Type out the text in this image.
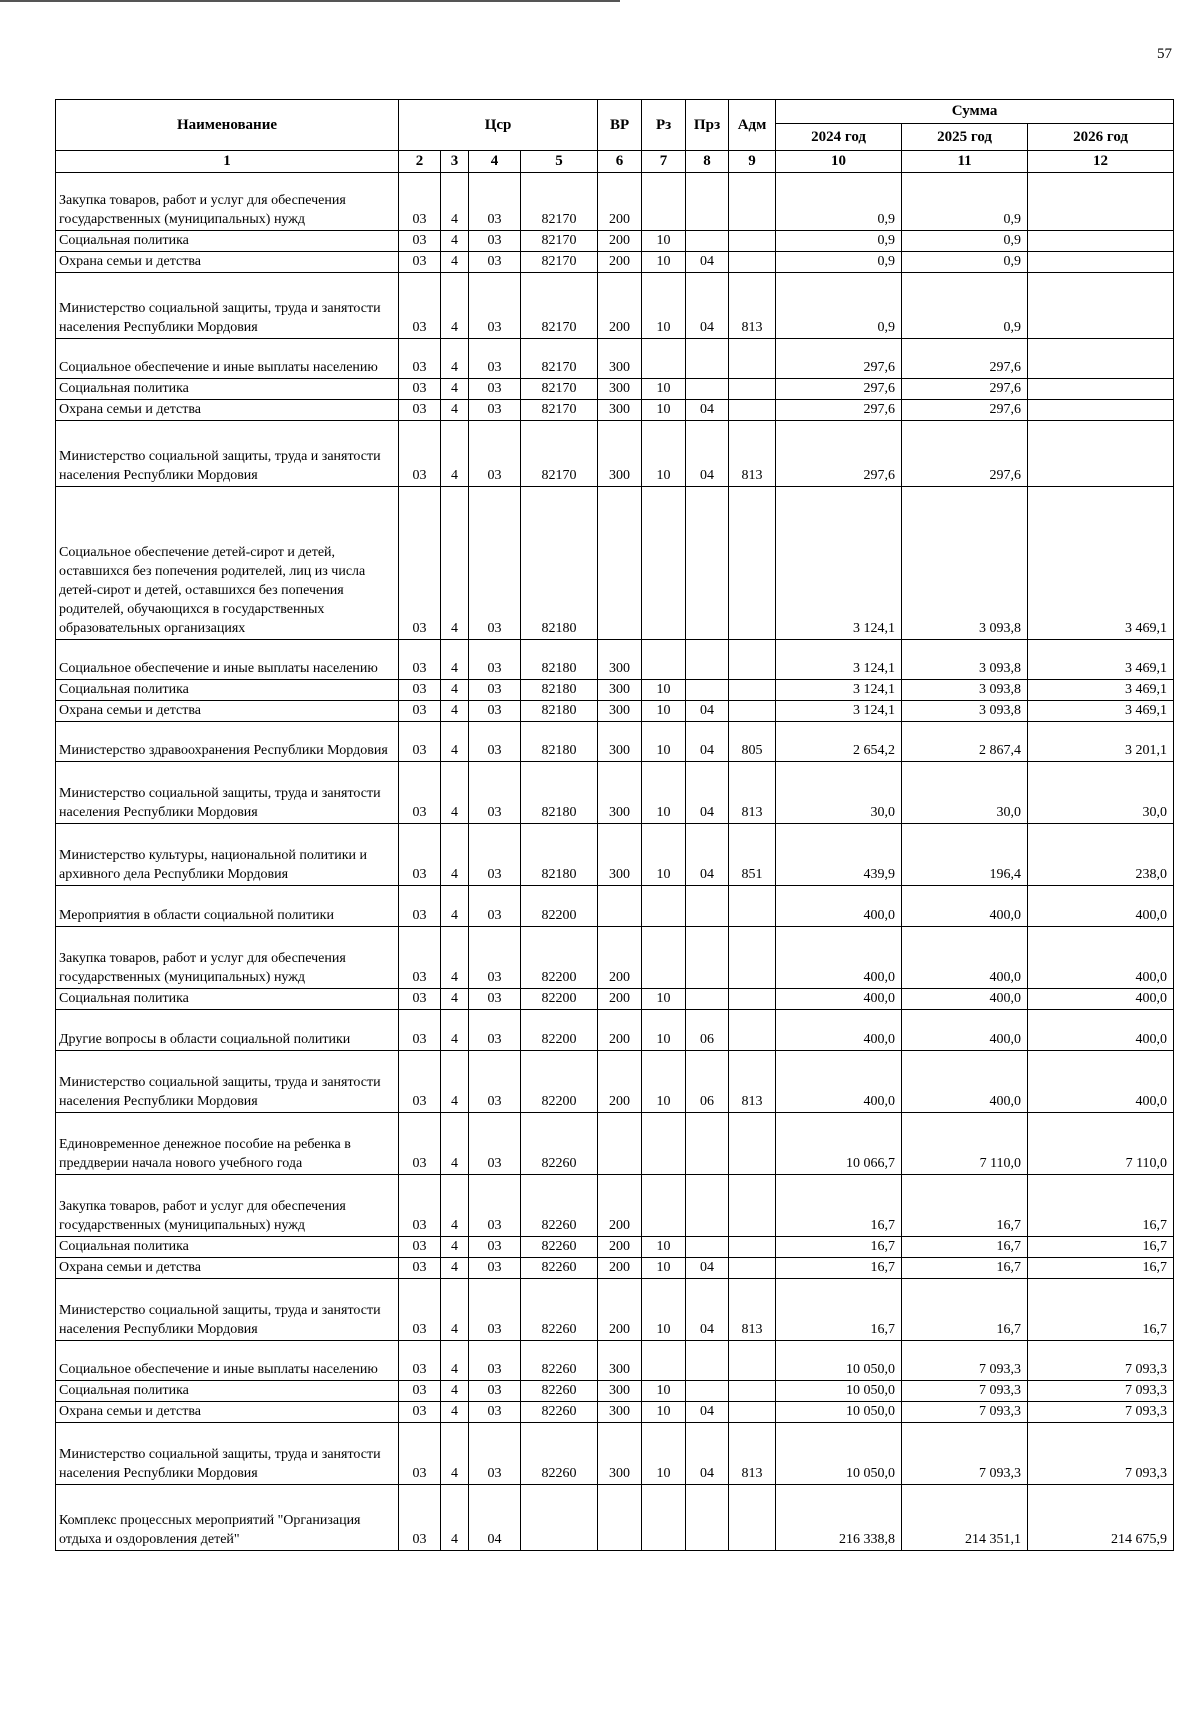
57
Наименование	Цср				ВР	Рз	Прз	Адм	Сумма		
									2024 год	2025 год	2026 год
1	2	3	4	5	6	7	8	9	10	11	12
Закупка товаров, работ и услуг для обеспечения государственных (муниципальных) нужд	03	4	03	82170	200				0,9	0,9	
Социальная политика	03	4	03	82170	200	10			0,9	0,9	
Охрана семьи и детства	03	4	03	82170	200	10	04		0,9	0,9	
Министерство социальной защиты, труда и занятости населения Республики Мордовия	03	4	03	82170	200	10	04	813	0,9	0,9	
Социальное обеспечение и иные выплаты населению	03	4	03	82170	300				297,6	297,6	
Социальная политика	03	4	03	82170	300	10			297,6	297,6	
Охрана семьи и детства	03	4	03	82170	300	10	04		297,6	297,6	
Министерство социальной защиты, труда и занятости населения Республики Мордовия	03	4	03	82170	300	10	04	813	297,6	297,6	
Социальное обеспечение детей-сирот и детей, оставшихся без попечения родителей, лиц из числа детей-сирот и детей, оставшихся без попечения родителей, обучающихся в государственных образовательных организациях	03	4	03	82180					3 124,1	3 093,8	3 469,1
Социальное обеспечение и иные выплаты населению	03	4	03	82180	300				3 124,1	3 093,8	3 469,1
Социальная политика	03	4	03	82180	300	10			3 124,1	3 093,8	3 469,1
Охрана семьи и детства	03	4	03	82180	300	10	04		3 124,1	3 093,8	3 469,1
Министерство здравоохранения Республики Мордовия	03	4	03	82180	300	10	04	805	2 654,2	2 867,4	3 201,1
Министерство социальной защиты, труда и занятости населения Республики Мордовия	03	4	03	82180	300	10	04	813	30,0	30,0	30,0
Министерство культуры, национальной политики и архивного дела Республики Мордовия	03	4	03	82180	300	10	04	851	439,9	196,4	238,0
Мероприятия в области социальной политики	03	4	03	82200					400,0	400,0	400,0
Закупка товаров, работ и услуг для обеспечения государственных (муниципальных) нужд	03	4	03	82200	200				400,0	400,0	400,0
Социальная политика	03	4	03	82200	200	10			400,0	400,0	400,0
Другие вопросы в области социальной политики	03	4	03	82200	200	10	06		400,0	400,0	400,0
Министерство социальной защиты, труда и занятости населения Республики Мордовия	03	4	03	82200	200	10	06	813	400,0	400,0	400,0
Единовременное денежное пособие на ребенка в преддверии начала нового учебного года	03	4	03	82260					10 066,7	7 110,0	7 110,0
Закупка товаров, работ и услуг для обеспечения государственных (муниципальных) нужд	03	4	03	82260	200				16,7	16,7	16,7
Социальная политика	03	4	03	82260	200	10			16,7	16,7	16,7
Охрана семьи и детства	03	4	03	82260	200	10	04		16,7	16,7	16,7
Министерство социальной защиты, труда и занятости населения Республики Мордовия	03	4	03	82260	200	10	04	813	16,7	16,7	16,7
Социальное обеспечение и иные выплаты населению	03	4	03	82260	300				10 050,0	7 093,3	7 093,3
Социальная политика	03	4	03	82260	300	10			10 050,0	7 093,3	7 093,3
Охрана семьи и детства	03	4	03	82260	300	10	04		10 050,0	7 093,3	7 093,3
Министерство социальной защиты, труда и занятости населения Республики Мордовия	03	4	03	82260	300	10	04	813	10 050,0	7 093,3	7 093,3
Комплекс процессных мероприятий "Организация отдыха и оздоровления детей"	03	4	04						216 338,8	214 351,1	214 675,9
